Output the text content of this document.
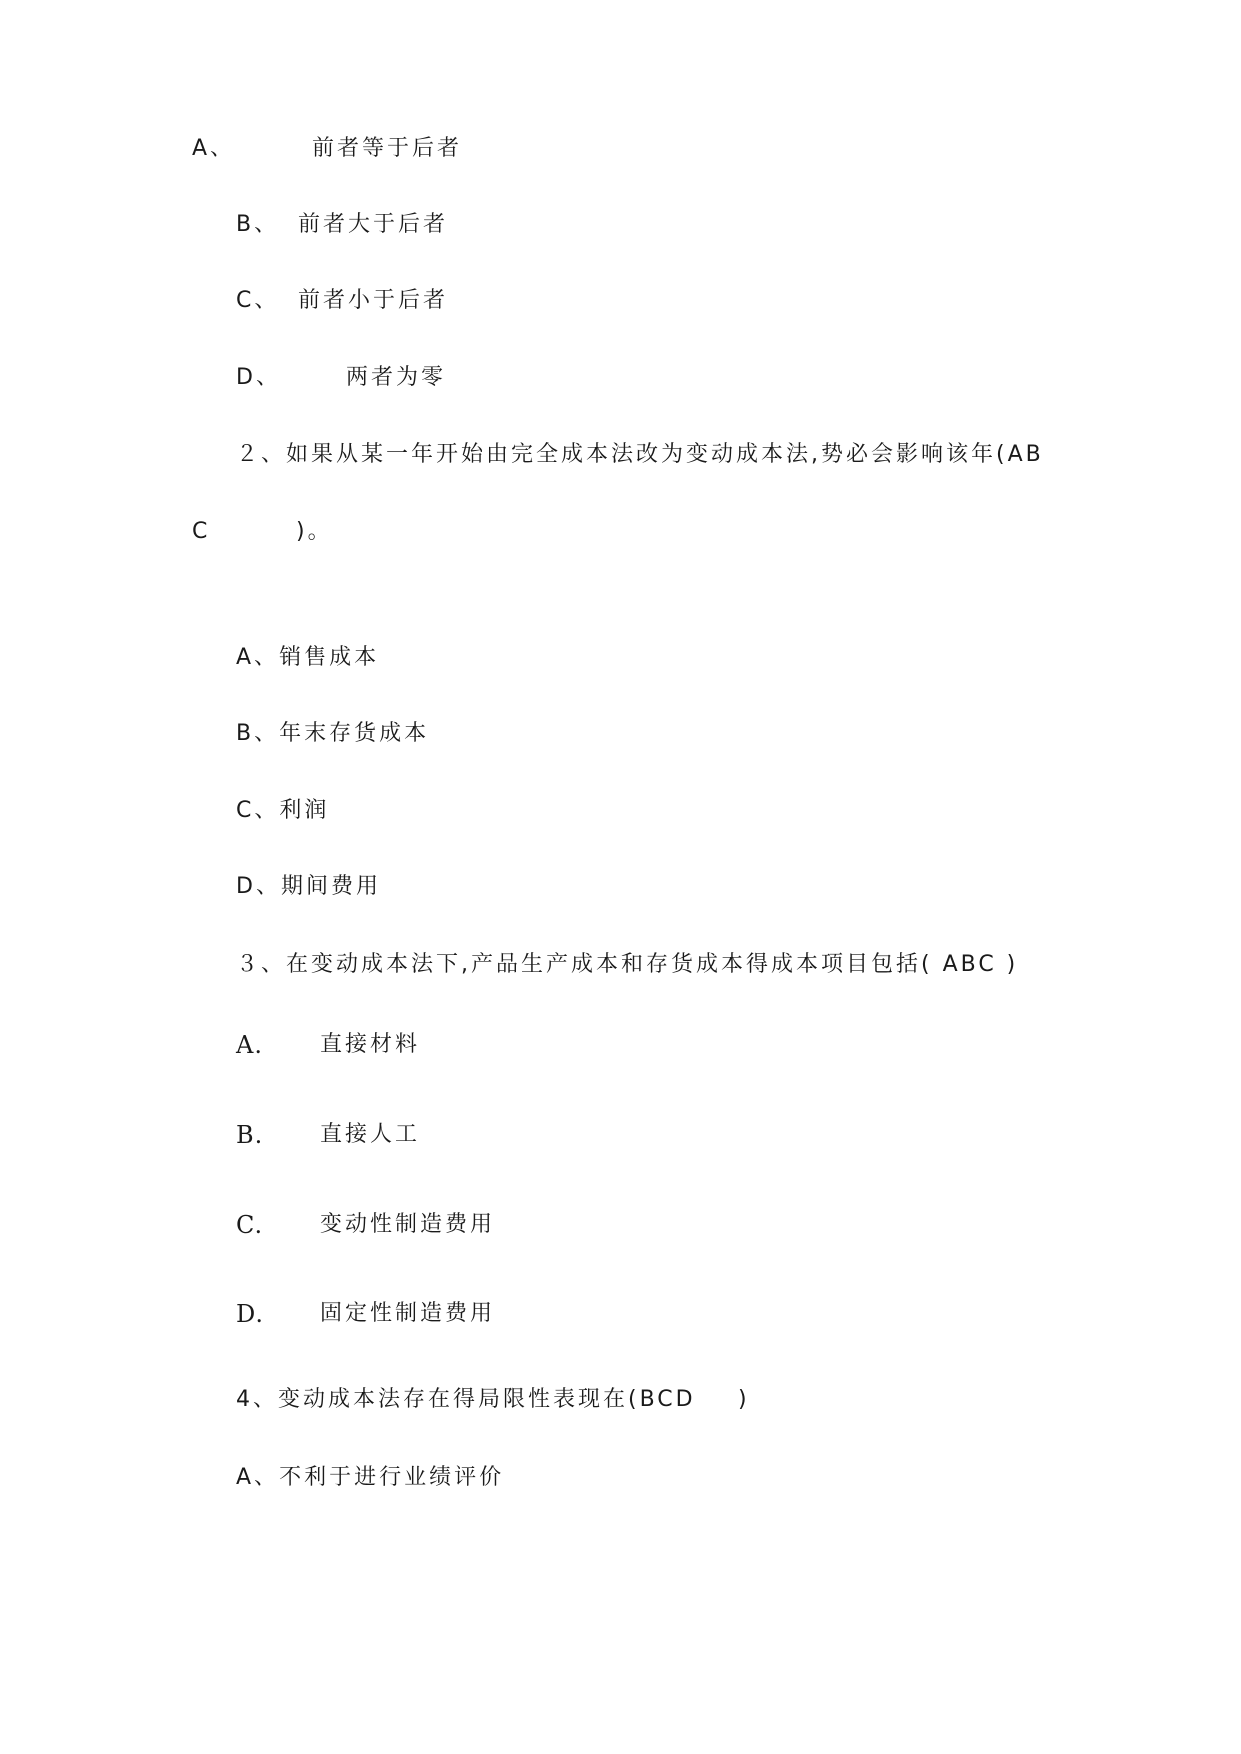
A、	前者等于后者
B、 前者大于后者
C、 前者小于后者
D、	两者为零
２、如果从某一年开始由完全成本法改为变动成本法,势必会影响该年(AB
C	)。
A、销售成本
B、年末存货成本
C、利润
D、期间费用
３、在变动成本法下,产品生产成本和存货成本得成本项目包括( ABC )
A.	直接材料
B.	直接人工
C.	变动性制造费用
D.	固定性制造费用
4、变动成本法存在得局限性表现在(BCD )
A、不利于进行业绩评价
